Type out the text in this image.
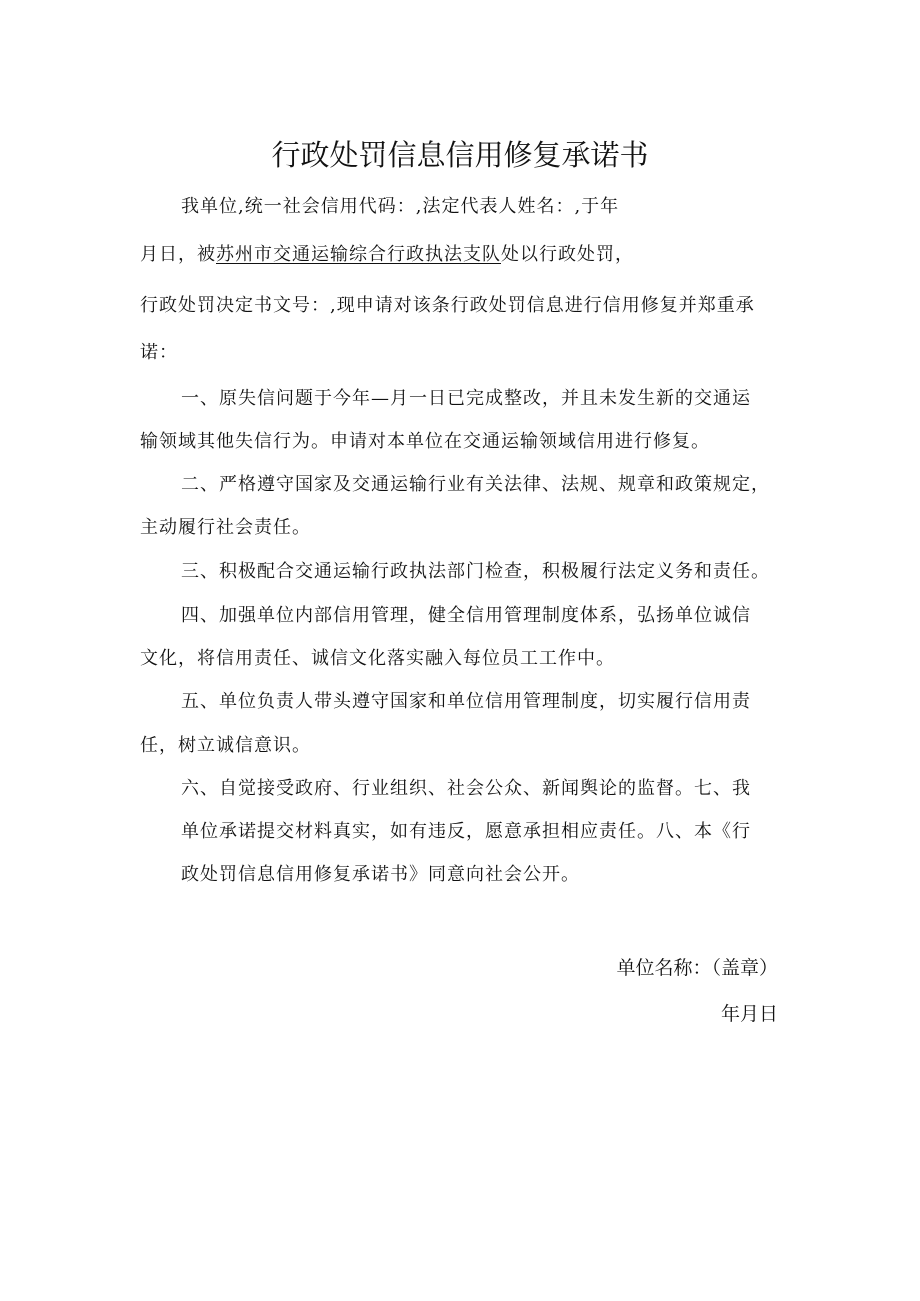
行政处罚信息信用修复承诺书
我单位,统一社会信用代码：,法定代表人姓名：,于年
月日，被苏州市交通运输综合行政执法支队处以行政处罚，
行政处罚决定书文号：,现申请对该条行政处罚信息进行信用修复并郑重承
诺：
一、原失信问题于今年—月一日已完成整改，并且未发生新的交通运
输领域其他失信行为。申请对本单位在交通运输领域信用进行修复。
二、严格遵守国家及交通运输行业有关法律、法规、规章和政策规定，
主动履行社会责任。
三、积极配合交通运输行政执法部门检查，积极履行法定义务和责任。
四、加强单位内部信用管理，健全信用管理制度体系，弘扬单位诚信
文化，将信用责任、诚信文化落实融入每位员工工作中。
五、单位负责人带头遵守国家和单位信用管理制度，切实履行信用责
任，树立诚信意识。
六、自觉接受政府、行业组织、社会公众、新闻舆论的监督。七、我
单位承诺提交材料真实，如有违反，愿意承担相应责任。八、本《行
政处罚信息信用修复承诺书》同意向社会公开。
单位名称：（盖章）
年月日
